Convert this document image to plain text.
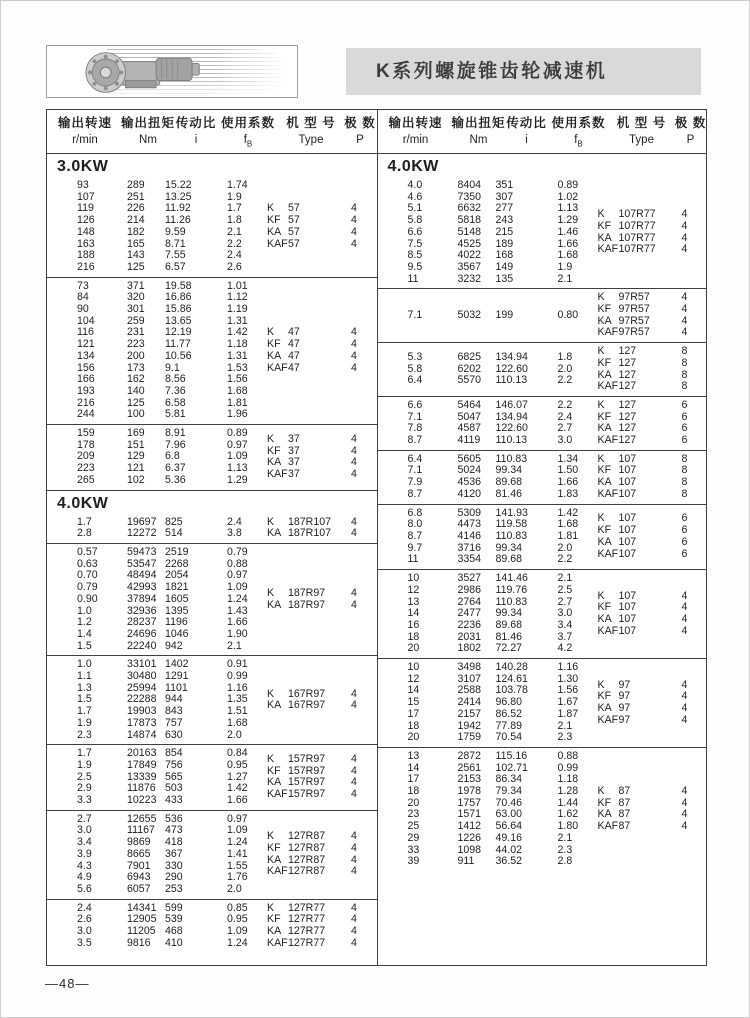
K系列螺旋锥齿轮减速机
输出转速 输出扭矩 传动比 使用系数 机 型 号 极 数
r/min	Nm	i	$f_B$	Type	P
3.0KW
93	289	15.22	1.74
107	251	13.25	1.9
119	226	11.92	1.7
126	214	11.26	1.8
148	182	9.59	2.1
163	165	8.71	2.2
188	143	7.55	2.4
216	125	6.57	2.6
K 57	4
KF 57	4
KA 57	4
KAF57	4
73	371	19.58	1.01
84	320	16.86	1.12
90	301	15.86	1.19
104	259	13.65	1.31
116	231	12.19	1.42
121	223	11.77	1.18
134	200	10.56	1.31
156	173	9.1	1.53
166	162	8.56	1.56
193	140	7.36	1.68
216	125	6.58	1.81
244	100	5.81	1.96
K 47	4
KF 47	4
KA 47	4
KAF47	4
159	169	8.91	0.89
178	151	7.96	0.97
209	129	6.8	1.09
223	121	6.37	1.13
265	102	5.36	1.29
K 37	4
KF 37	4
KA 37	4
KAF37	4
4.0KW
1.7	19697 825	2.4
2.8	12272 514	3.8
K 187R107	4
KA 187R107	4
0.57	59473 2519	0.79
0.63	53547 2268	0.88
0.70	48494 2054	0.97
0.79	42993 1821	1.09
0.90	37894 1605	1.24
1.0	32936 1395	1.43
1.2	28237 1196	1.66
1.4	24696 1046	1.90
1.5	22240 942	2.1
K 187R97	4
KA 187R97	4
1.0	33101 1402	0.91
1.1	30480 1291	0.99
1.3	25994 1101	1.16
1.5	22288 944	1.35
1.7	19903 843	1.51
1.9	17873 757	1.68
2.3	14874 630	2.0
K 167R97	4
KA 167R97	4
1.7	20163 854	0.84
1.9	17849 756	0.95
2.5	13339 565	1.27
2.9	11876 503	1.42
3.3	10223 433	1.66
K 157R97	4
KF 157R97	4
KA 157R97	4
KAF157R97	4
2.7	12655 536	0.97
3.0	11167 473	1.09
3.4	9869	418	1.24
3.9	8665	367	1.41
4.3	7901	330	1.55
4.9	6943	290	1.76
5.6	6057	253	2.0
K 127R87	4
KF 127R87	4
KA 127R87	4
KAF127R87	4
2.4	14341 599	0.85
2.6	12905 539	0.95
3.0	11205 468	1.09
3.5	9816	410	1.24
K 127R77	4
KF 127R77	4
KA 127R77	4
KAF127R77	4
输出转速 输出扭矩 传动比 使用系数 机 型 号 极 数
r/min	Nm	i	$f_B$	Type	P
4.0KW
4.0	8404	351	0.89
4.6	7350	307	1.02
5.1	6632	277	1.13
5.8	5818	243	1.29
6.6	5148	215	1.46
7.5	4525	189	1.66
8.5	4022	168	1.68
9.5	3567	149	1.9
11	3232	135	2.1
K 107R77	4
KF 107R77	4
KA 107R77	4
KAF107R77	4
7.1	5032	199	0.80
K 97R57	4
KF 97R57	4
KA 97R57	4
KAF97R57	4
5.3	6825	134.94	1.8
5.8	6202	122.60	2.0
6.4	5570	110.13	2.2
K 127	8
KF 127	8
KA 127	8
KAF127	8
6.6	5464	146.07	2.2
7.1	5047	134.94	2.4
7.8	4587	122.60	2.7
8.7	4119	110.13	3.0
K 127	6
KF 127	6
KA 127	6
KAF127	6
6.4	5605	110.83	1.34
7.1	5024	99.34	1.50
7.9	4536	89.68	1.66
8.7	4120	81.46	1.83
K 107	8
KF 107	8
KA 107	8
KAF107	8
6.8	5309	141.93	1.42
8.0	4473	119.58	1.68
8.7	4146	110.83	1.81
9.7	3716	99.34	2.0
11	3354	89.68	2.2
K 107	6
KF 107	6
KA 107	6
KAF107	6
10	3527	141.46	2.1
12	2986	119.76	2.5
13	2764	110.83	2.7
14	2477	99.34	3.0
16	2236	89.68	3.4
18	2031	81.46	3.7
20	1802	72.27	4.2
K 107	4
KF 107	4
KA 107	4
KAF107	4
10	3498	140.28	1.16
12	3107	124.61	1.30
14	2588	103.78	1.56
15	2414	96.80	1.67
17	2157	86.52	1.87
18	1942	77.89	2.1
20	1759	70.54	2.3
K 97	4
KF 97	4
KA 97	4
KAF97	4
13	2872	115.16	0.88
14	2561	102.71	0.99
17	2153	86.34	1.18
18	1978	79.34	1.28
20	1757	70.46	1.44
23	1571	63.00	1.62
25	1412	56.64	1.80
29	1226	49.16	2.1
33	1098	44.02	2.3
39	911	36.52	2.8
K 87	4
KF 87	4
KA 87	4
KAF87	4
—48—
